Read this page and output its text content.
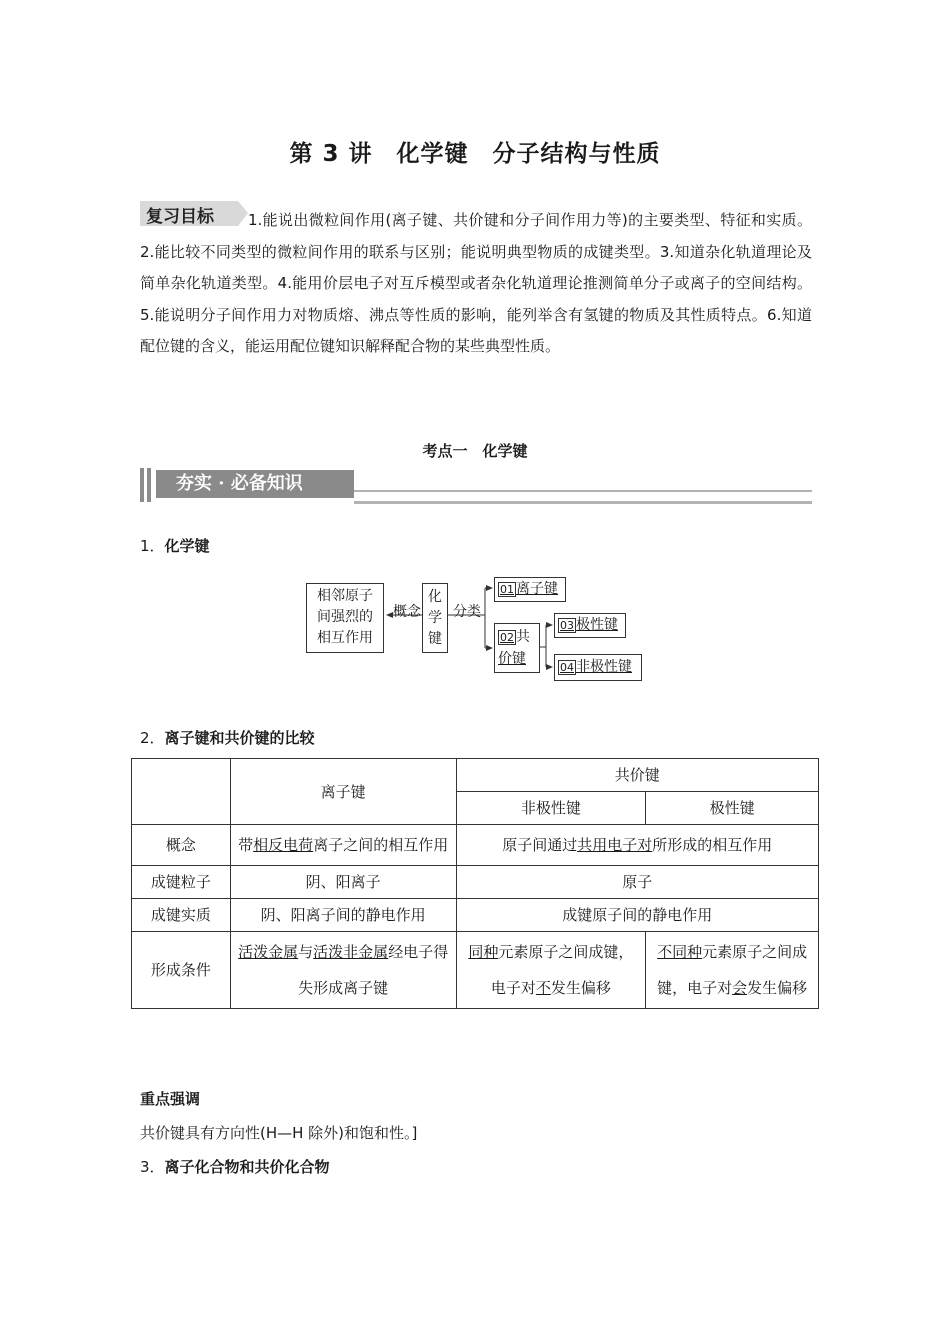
第 3 讲　化学键　分子结构与性质
复习目标	1.能说出微粒间作用(离子键、共价键和分子间作用力等)的主要类型、特征和实质。2.能比较不同类型的微粒间作用的联系与区别；能说明典型物质的成键类型。3.知道杂化轨道理论及简单杂化轨道类型。4.能用价层电子对互斥模型或者杂化轨道理论推测简单分子或离子的空间结构。5.能说明分子间作用力对物质熔、沸点等性质的影响，能列举含有氢键的物质及其性质特点。6.知道配位键的含义，能运用配位键知识解释配合物的某些典型性质。
考点一　化学键
夯实 · 必备知识
1．化学键
相邻原子间强烈的相互作用
概念
化
学
键
分类
01 离子键
02 共
价键
03 极性键
04 非极性键
2．离子键和共价键的比较
	离子键	共价键	
		非极性键	极性键
概念	带相反电荷离子之间的相互作用	原子间通过共用电子对所形成的相互作用	
成键粒子	阴、阳离子	原子	
成键实质	阴、阳离子间的静电作用	成键原子间的静电作用	
形成条件	活泼金属与活泼非金属经电子得失形成离子键	同种元素原子之间成键，电子对不发生偏移	不同种元素原子之间成键，电子对会发生偏移
重点强调
共价键具有方向性(H—H 除外)和饱和性。]
3．离子化合物和共价化合物
